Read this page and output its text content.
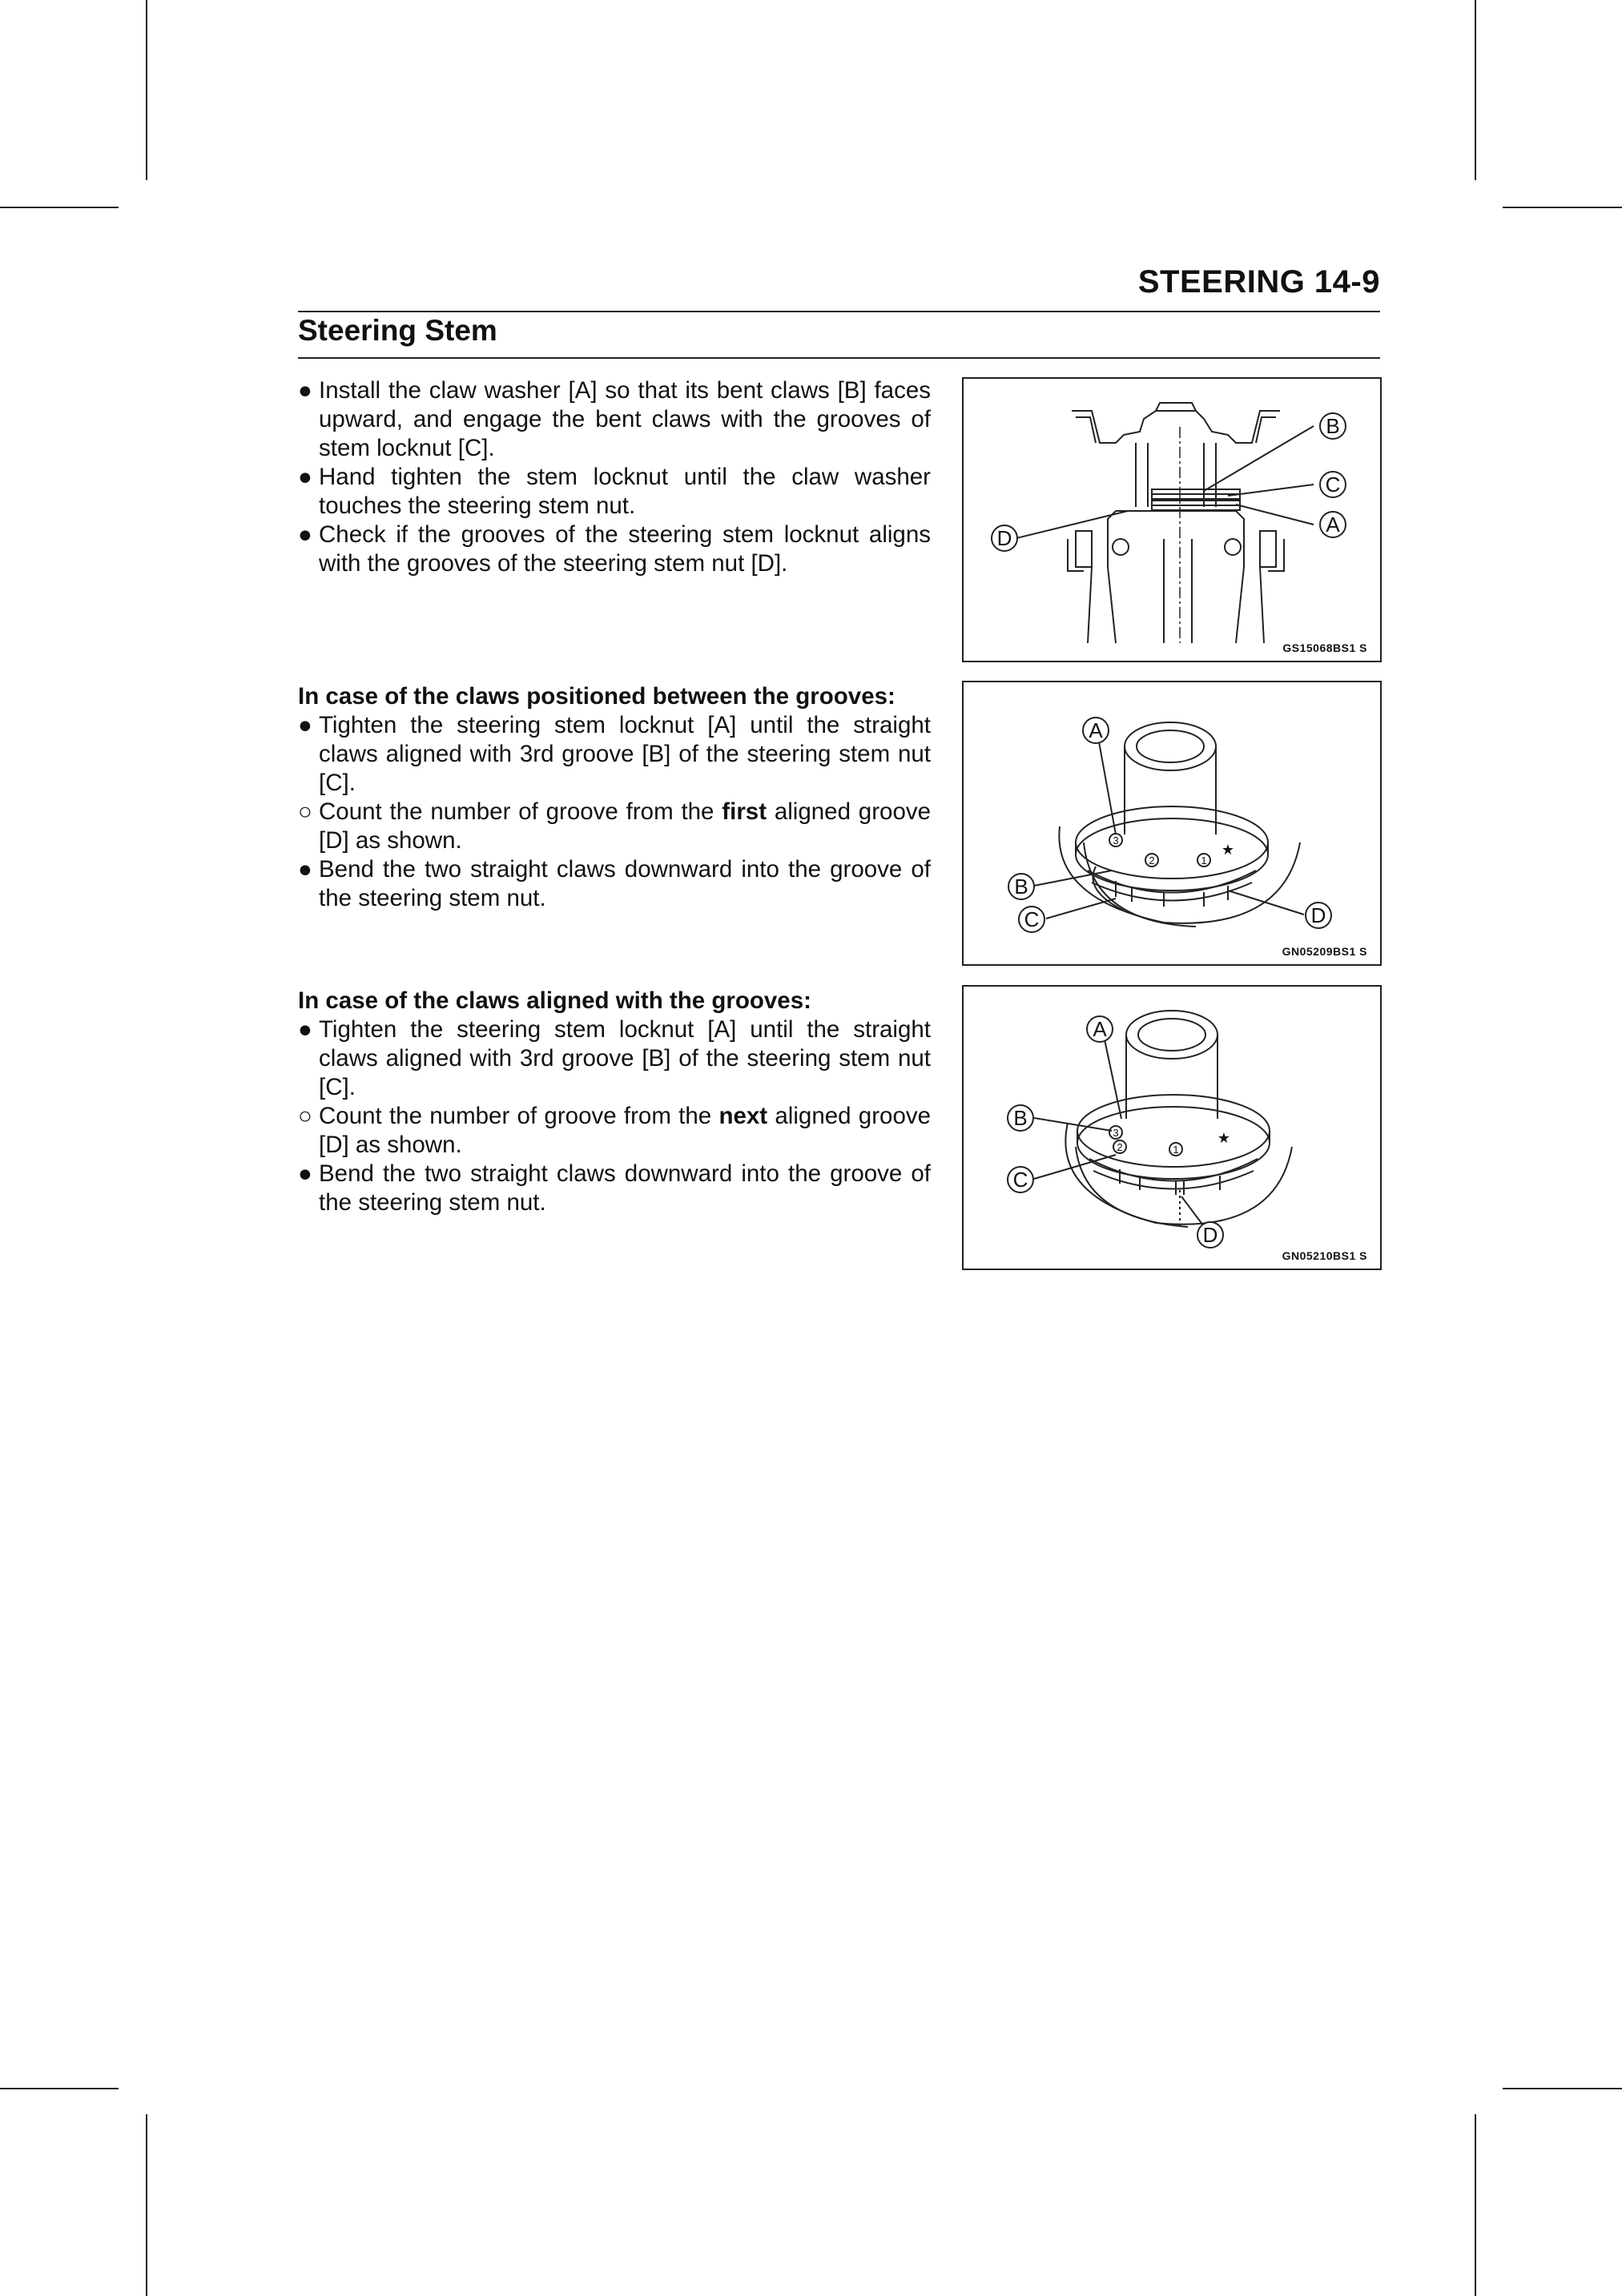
STEERING 14-9
Steering Stem
● Install the claw washer [A] so that its bent claws [B] faces upward, and engage the bent claws with the grooves of stem locknut [C].
● Hand tighten the stem locknut until the claw washer touches the steering stem nut.
● Check if the grooves of the steering stem locknut aligns with the grooves of the steering stem nut [D].
In case of the claws positioned between the grooves:
● Tighten the steering stem locknut [A] until the straight claws aligned with 3rd groove [B] of the steering stem nut [C].
○ Count the number of groove from the first aligned groove [D] as shown.
● Bend the two straight claws downward into the groove of the steering stem nut.
In case of the claws aligned with the grooves:
● Tighten the steering stem locknut [A] until the straight claws aligned with 3rd groove [B] of the steering stem nut [C].
○ Count the number of groove from the next aligned groove [D] as shown.
● Bend the two straight claws downward into the groove of the steering stem nut.
B
C
A
D
GS15068BS1 S
3
2	1
★
A
B
C	D
GN05209BS1 S
3
2	1
★
A
B
C
D
GN05210BS1 S
